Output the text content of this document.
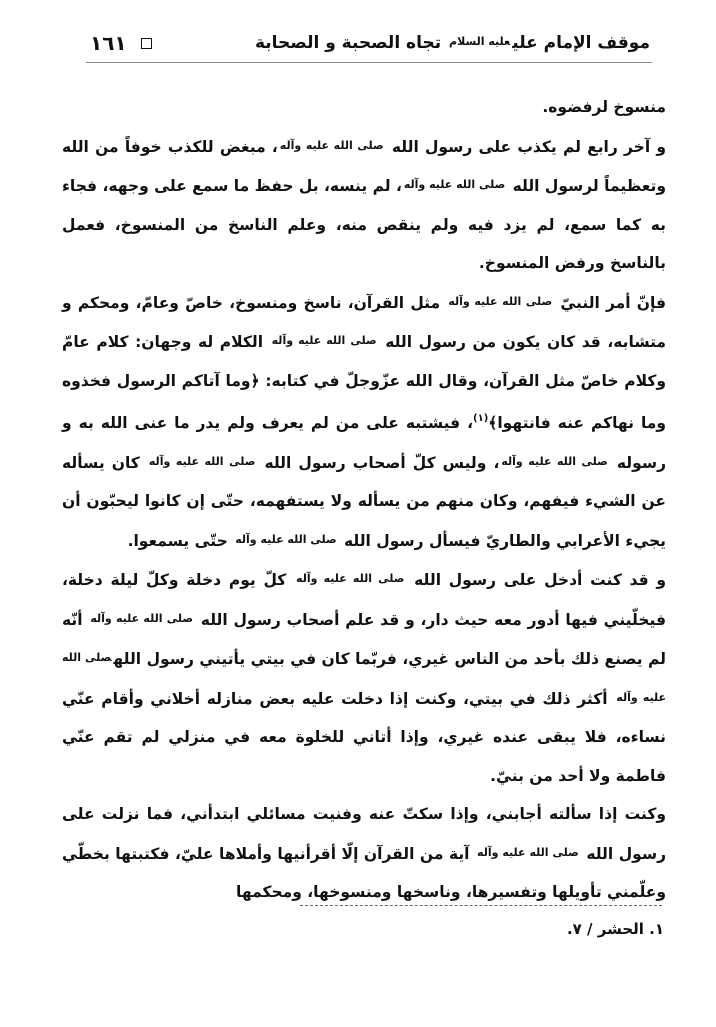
موقف الإمام عليعليه السلام تجاه الصحبة و الصحابة
١٦١

منسوخ لرفضوه.

و آخر رابع لم يكذب على رسول الله صلى الله عليه وآله، مبغض للكذب خوفاً من الله وتعظيماً لرسول الله صلى الله عليه وآله، لم ينسه، بل حفظ ما سمع على وجهه، فجاء به كما سمع، لم يزد فيه ولم ينقص منه، وعلم الناسخ من المنسوخ، فعمل بالناسخ ورفض المنسوخ.

فإنّ أمر النبيّ صلى الله عليه وآله مثل القرآن، ناسخ ومنسوخ، خاصّ وعامّ، ومحكم و متشابه، قد كان يكون من رسول الله صلى الله عليه وآله الكلام له وجهان: كلام عامّ وكلام خاصّ مثل القرآن، وقال الله عزّوجلّ في كتابه: ﴿وما آتاكم الرسول فخذوه وما نهاكم عنه فانتهوا﴾$^{(١)}$، فيشتبه على من لم يعرف ولم يدر ما عنى الله به و رسوله صلى الله عليه وآله، وليس كلّ أصحاب رسول الله صلى الله عليه وآله كان يسأله عن الشيء فيفهم، وكان منهم من يسأله ولا يستفهمه، حتّى إن كانوا ليحبّون أن يجيء الأعرابي والطاريّ فيسأل رسول الله صلى الله عليه وآله حتّى يسمعوا.

و قد كنت أدخل على رسول الله صلى الله عليه وآله كلّ يوم دخلة وكلّ ليلة دخلة، فيخلّيني فيها أدور معه حيث دار، و قد علم أصحاب رسول الله صلى الله عليه وآله أنّه لم يصنع ذلك بأحد من الناس غيري، فربّما كان في بيتي يأتيني رسول اللهصلى الله عليه وآله أكثر ذلك في بيتي، وكنت إذا دخلت عليه بعض منازله أخلاني وأقام عنّي نساءه، فلا يبقى عنده غيري، وإذا أتاني للخلوة معه في منزلي لم تقم عنّي فاطمة ولا أحد من بنيّ.

وكنت إذا سألته أجابني، وإذا سكتّ عنه وفنيت مسائلي ابتدأني، فما نزلت على رسول الله صلى الله عليه وآله آية من القرآن إلّا أقرأنيها وأملاها عليّ، فكتبتها بخطّي وعلّمني تأويلها وتفسيرها، وناسخها ومنسوخها، ومحكمها

١. الحشر / ٧.
